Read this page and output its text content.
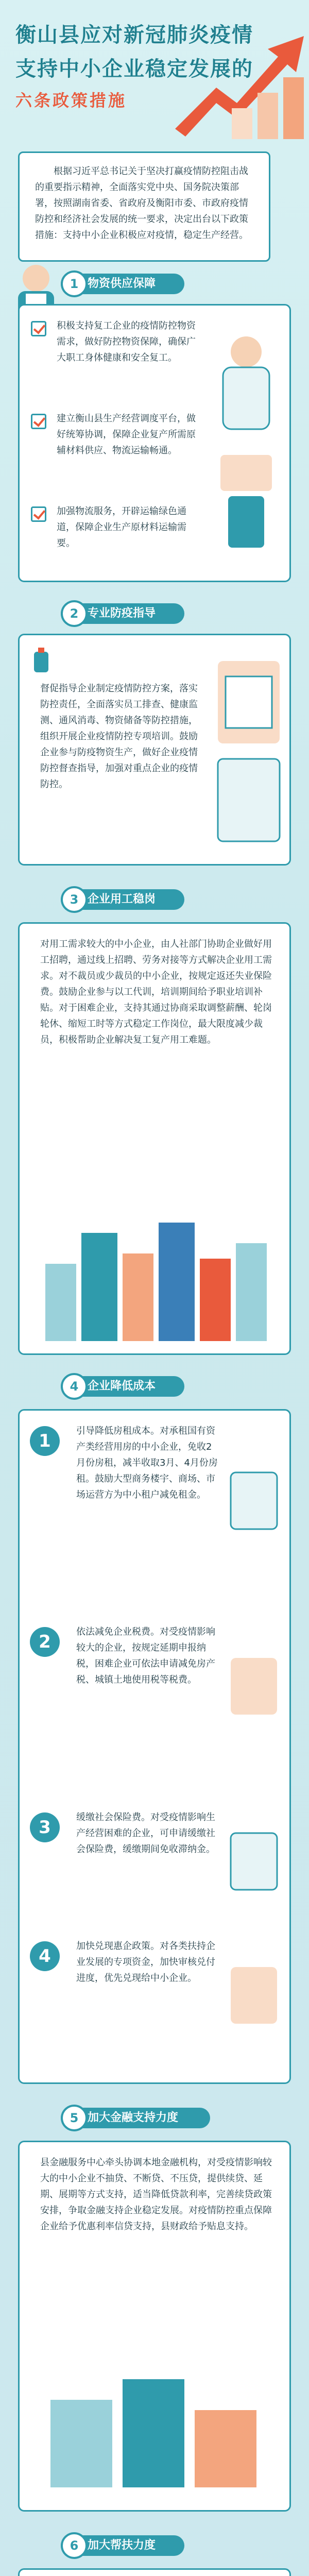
衡山县应对新冠肺炎疫情
支持中小企业稳定发展的
六条政策措施

根据习近平总书记关于坚决打赢疫情防控阻击战的重要指示精神，全面落实党中央、国务院决策部署，按照湖南省委、省政府及衡阳市委、市政府疫情防控和经济社会发展的统一要求，决定出台以下政策措施：支持中小企业积极应对疫情，稳定生产经营。

物资供应保障
1
积极支持复工企业的疫情防控物资需求，做好防控物资保障，确保广大职工身体健康和安全复工。
建立衡山县生产经营调度平台，做好统筹协调，保障企业复产所需原辅材料供应、物流运输畅通。
加强物流服务，开辟运输绿色通道，保障企业生产原材料运输需要。
专业防疫指导
2
督促指导企业制定疫情防控方案，落实防控责任，全面落实员工排查、健康监测、通风消毒、物资储备等防控措施，组织开展企业疫情防控专项培训。鼓励企业参与防疫物资生产，做好企业疫情防控督查指导，加强对重点企业的疫情防控。
企业用工稳岗
3
对用工需求较大的中小企业，由人社部门协助企业做好用工招聘，通过线上招聘、劳务对接等方式解决企业用工需求。对不裁员或少裁员的中小企业，按规定返还失业保险费。鼓励企业参与以工代训，培训期间给予职业培训补贴。对于困难企业，支持其通过协商采取调整薪酬、轮岗轮休、缩短工时等方式稳定工作岗位，最大限度减少裁员，积极帮助企业解决复工复产用工难题。
企业降低成本
4
1	引导降低房租成本。对承租国有资产类经营用房的中小企业，免收2月份房租，减半收取3月、4月份房租。鼓励大型商务楼宇、商场、市场运营方为中小租户减免租金。
2	依法减免企业税费。对受疫情影响较大的企业，按规定延期申报纳税，困难企业可依法申请减免房产税、城镇土地使用税等税费。
3	缓缴社会保险费。对受疫情影响生产经营困难的企业，可申请缓缴社会保险费，缓缴期间免收滞纳金。
4	加快兑现惠企政策。对各类扶持企业发展的专项资金，加快审核兑付进度，优先兑现给中小企业。
加大金融支持力度
5
县金融服务中心牵头协调本地金融机构，对受疫情影响较大的中小企业不抽贷、不断贷、不压贷，提供续贷、延期、展期等方式支持，适当降低贷款利率，完善续贷政策安排，争取金融支持企业稳定发展。对疫情防控重点保障企业给予优惠利率信贷支持，县财政给予贴息支持。
加大帮扶力度
6
